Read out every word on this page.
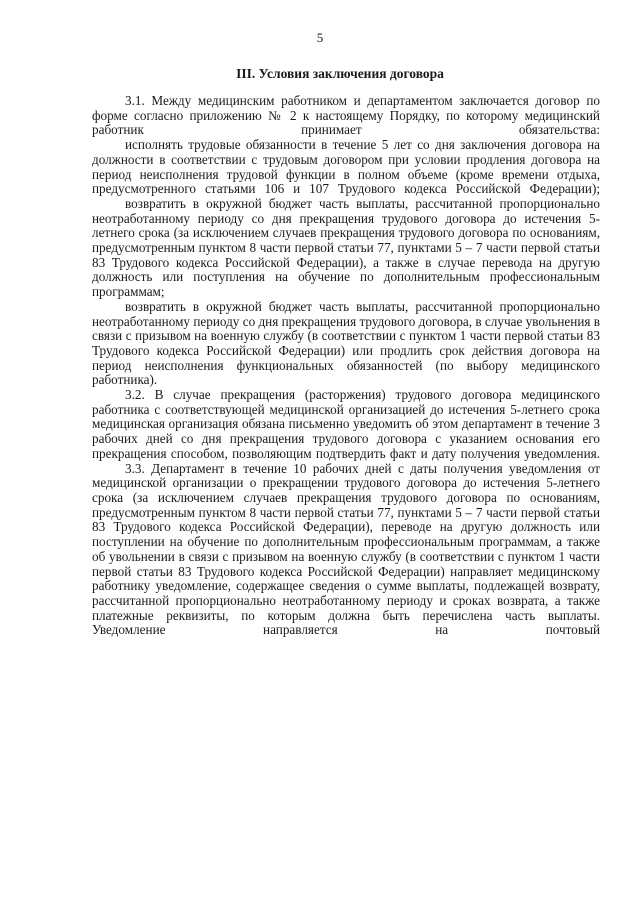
5
III. Условия заключения договора

3.1. Между медицинским работником и департаментом заключается договор по форме согласно приложению № 2 к настоящему Порядку, по которому медицинский работник принимает обязательства:

исполнять трудовые обязанности в течение 5 лет со дня заключения договора на должности в соответствии с трудовым договором при условии продления договора на период неисполнения трудовой функции в полном объеме (кроме времени отдыха, предусмотренного статьями 106 и 107 Трудового кодекса Российской Федерации);

возвратить в окружной бюджет часть выплаты, рассчитанной пропорционально неотработанному периоду со дня прекращения трудового договора до истечения 5-летнего срока (за исключением случаев прекращения трудового договора по основаниям, предусмотренным пунктом 8 части первой статьи 77, пунктами 5 – 7 части первой статьи 83 Трудового кодекса Российской Федерации), а также в случае перевода на другую должность или поступления на обучение по дополнительным профессиональным программам;

возвратить в окружной бюджет часть выплаты, рассчитанной пропорционально неотработанному периоду со дня прекращения трудового договора, в случае увольнения в связи с призывом на военную службу (в соответствии с пунктом 1 части первой статьи 83 Трудового кодекса Российской Федерации) или продлить срок действия договора на период неисполнения функциональных обязанностей (по выбору медицинского работника).

3.2. В случае прекращения (расторжения) трудового договора медицинского работника с соответствующей медицинской организацией до истечения 5-летнего срока медицинская организация обязана письменно уведомить об этом департамент в течение 3 рабочих дней со дня прекращения трудового договора с указанием основания его прекращения способом, позволяющим подтвердить факт и дату получения уведомления.

3.3. Департамент в течение 10 рабочих дней с даты получения уведомления от медицинской организации о прекращении трудового договора до истечения 5-летнего срока (за исключением случаев прекращения трудового договора по основаниям, предусмотренным пунктом 8 части первой статьи 77, пунктами 5 – 7 части первой статьи 83 Трудового кодекса Российской Федерации), переводе на другую должность или поступлении на обучение по дополнительным профессиональным программам, а также об увольнении в связи с призывом на военную службу (в соответствии с пунктом 1 части первой статьи 83 Трудового кодекса Российской Федерации) направляет медицинскому работнику уведомление, содержащее сведения о сумме выплаты, подлежащей возврату, рассчитанной пропорционально неотработанному периоду и сроках возврата, а также платежные реквизиты, по которым должна быть перечислена часть выплаты. Уведомление направляется на почтовый
